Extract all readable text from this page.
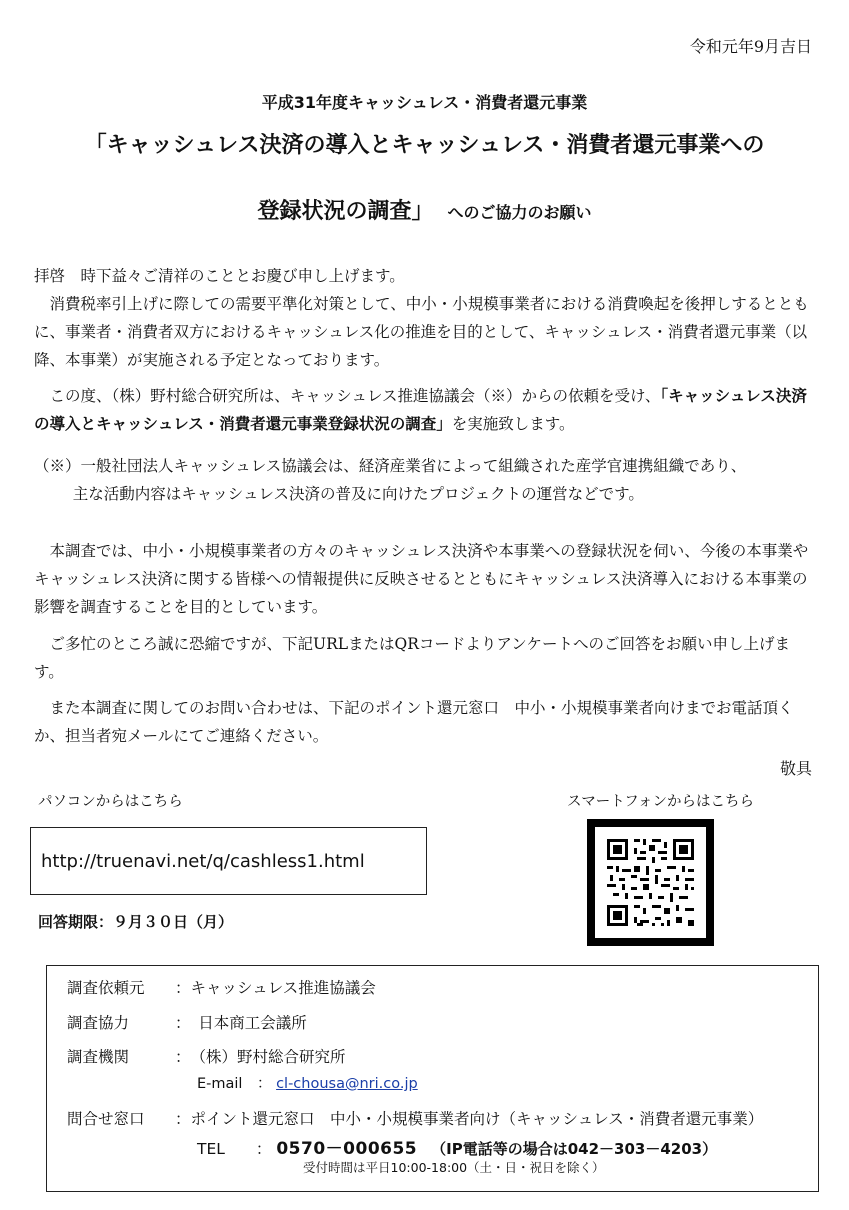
令和元年9月吉日
平成31年度キャッシュレス・消費者還元事業
「キャッシュレス決済の導入とキャッシュレス・消費者還元事業への
登録状況の調査」 へのご協力のお願い
拝啓　時下益々ご清祥のこととお慶び申し上げます。
消費税率引上げに際しての需要平準化対策として、中小・小規模事業者における消費喚起を後押しするとともに、事業者・消費者双方におけるキャッシュレス化の推進を目的として、キャッシュレス・消費者還元事業（以降、本事業）が実施される予定となっております。
この度、（株）野村総合研究所は、キャッシュレス推進協議会（※）からの依頼を受け、「キャッシュレス決済の導入とキャッシュレス・消費者還元事業登録状況の調査」を実施致します。
（※）一般社団法人キャッシュレス協議会は、経済産業省によって組織された産学官連携組織であり、
主な活動内容はキャッシュレス決済の普及に向けたプロジェクトの運営などです。
本調査では、中小・小規模事業者の方々のキャッシュレス決済や本事業への登録状況を伺い、今後の本事業やキャッシュレス決済に関する皆様への情報提供に反映させるとともにキャッシュレス決済導入における本事業の影響を調査することを目的としています。
ご多忙のところ誠に恐縮ですが、下記URLまたはQRコードよりアンケートへのご回答をお願い申し上げます。
また本調査に関してのお問い合わせは、下記のポイント還元窓口　中小・小規模事業者向けまでお電話頂くか、担当者宛メールにてご連絡ください。
敬具
パソコンからはこちら	スマートフォンからはこちら
http://truenavi.net/q/cashless1.html
回答期限：９月３０日（月）
調査依頼元 ：キャッシュレス推進協議会
調査協力	：　日本商工会議所
調査機関	：　（株）野村総合研究所
E-mail　： cl-chousa@nri.co.jp
問合せ窓口 ：ポイント還元窓口　中小・小規模事業者向け（キャッシュレス・消費者還元事業）
TEL　　： 0570－000655 （IP電話等の場合は042－303－4203）
受付時間は平日10:00-18:00（土・日・祝日を除く）
